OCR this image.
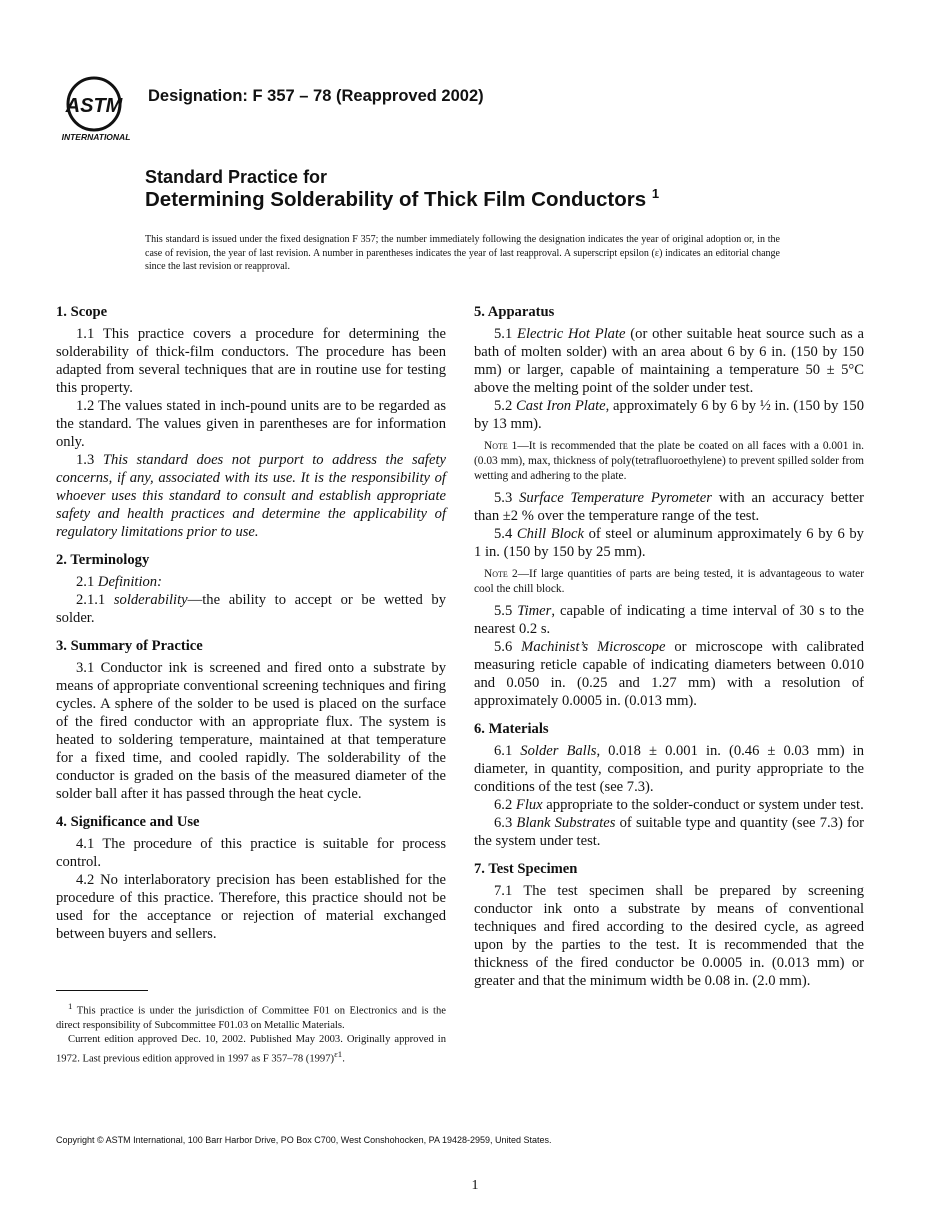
ASTM
INTERNATIONAL
Designation: F 357 – 78 (Reapproved 2002)
Standard Practice for
Determining Solderability of Thick Film Conductors $^1$
This standard is issued under the fixed designation F 357; the number immediately following the designation indicates the year of original adoption or, in the case of revision, the year of last revision. A number in parentheses indicates the year of last reapproval. A superscript epsilon (ε) indicates an editorial change since the last revision or reapproval.
1. Scope

1.1 This practice covers a procedure for determining the solderability of thick-film conductors. The procedure has been adapted from several techniques that are in routine use for testing this property.

1.2 The values stated in inch-pound units are to be regarded as the standard. The values given in parentheses are for information only.

1.3 This standard does not purport to address the safety concerns, if any, associated with its use. It is the responsibility of whoever uses this standard to consult and establish appropriate safety and health practices and determine the applicability of regulatory limitations prior to use.

2. Terminology

2.1 Definition:

2.1.1 solderability—the ability to accept or be wetted by solder.

3. Summary of Practice

3.1 Conductor ink is screened and fired onto a substrate by means of appropriate conventional screening techniques and firing cycles. A sphere of the solder to be used is placed on the surface of the fired conductor with an appropriate flux. The system is heated to soldering temperature, maintained at that temperature for a fixed time, and cooled rapidly. The solderability of the conductor is graded on the basis of the measured diameter of the solder ball after it has passed through the heat cycle.

4. Significance and Use

4.1 The procedure of this practice is suitable for process control.

4.2 No interlaboratory precision has been established for the procedure of this practice. Therefore, this practice should not be used for the acceptance or rejection of material exchanged between buyers and sellers.

5. Apparatus

5.1 Electric Hot Plate (or other suitable heat source such as a bath of molten solder) with an area about 6 by 6 in. (150 by 150 mm) or larger, capable of maintaining a temperature 50 ± 5°C above the melting point of the solder under test.

5.2 Cast Iron Plate, approximately 6 by 6 by ½ in. (150 by 150 by 13 mm).

Note 1—It is recommended that the plate be coated on all faces with a 0.001 in. (0.03 mm), max, thickness of poly(tetrafluoroethylene) to prevent spilled solder from wetting and adhering to the plate.

5.3 Surface Temperature Pyrometer with an accuracy better than ±2 % over the temperature range of the test.

5.4 Chill Block of steel or aluminum approximately 6 by 6 by 1 in. (150 by 150 by 25 mm).

Note 2—If large quantities of parts are being tested, it is advantageous to water cool the chill block.

5.5 Timer, capable of indicating a time interval of 30 s to the nearest 0.2 s.

5.6 Machinist’s Microscope or microscope with calibrated measuring reticle capable of indicating diameters between 0.010 and 0.050 in. (0.25 and 1.27 mm) with a resolution of approximately 0.0005 in. (0.013 mm).

6. Materials

6.1 Solder Balls, 0.018 ± 0.001 in. (0.46 ± 0.03 mm) in diameter, in quantity, composition, and purity appropriate to the conditions of the test (see 7.3).

6.2 Flux appropriate to the solder-conduct or system under test.

6.3 Blank Substrates of suitable type and quantity (see 7.3) for the system under test.

7. Test Specimen

7.1 The test specimen shall be prepared by screening conductor ink onto a substrate by means of conventional techniques and fired according to the desired cycle, as agreed upon by the parties to the test. It is recommended that the thickness of the fired conductor be 0.0005 in. (0.013 mm) or greater and that the minimum width be 0.08 in. (2.0 mm).

$^1$ This practice is under the jurisdiction of Committee F01 on Electronics and is the direct responsibility of Subcommittee F01.03 on Metallic Materials.

Current edition approved Dec. 10, 2002. Published May 2003. Originally approved in 1972. Last previous edition approved in 1997 as F 357–78 $(1997)^{\varepsilon 1}$.

Copyright © ASTM International, 100 Barr Harbor Drive, PO Box C700, West Conshohocken, PA 19428-2959, United States.
1
